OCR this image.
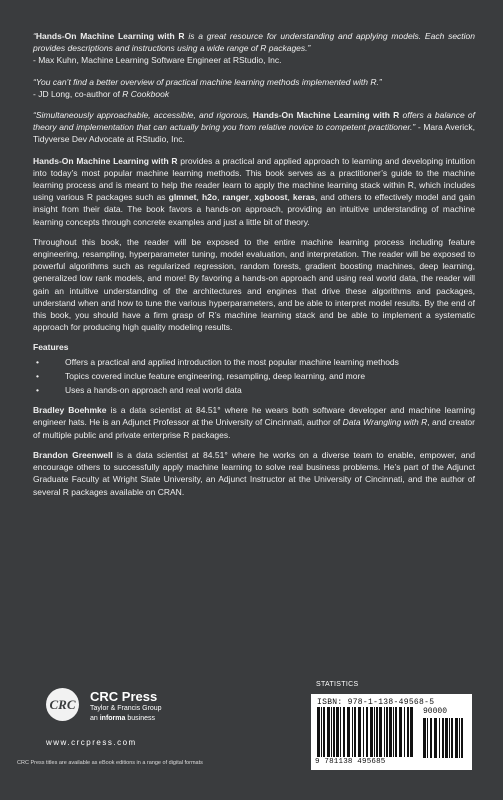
“Hands-On Machine Learning with R is a great resource for understanding and applying models. Each section provides descriptions and instructions using a wide range of R packages.”
- Max Kuhn, Machine Learning Software Engineer at RStudio, Inc.

“You can’t find a better overview of practical machine learning methods implemented with R.”
- JD Long, co-author of R Cookbook

“Simultaneously approachable, accessible, and rigorous, Hands-On Machine Learning with R offers a balance of theory and implementation that can actually bring you from relative novice to competent practitioner.” - Mara Averick, Tidyverse Dev Advocate at RStudio, Inc.

Hands-On Machine Learning with R provides a practical and applied approach to learning and developing intuition into today’s most popular machine learning methods. This book serves as a practitioner’s guide to the machine learning process and is meant to help the reader learn to apply the machine learning stack within R, which includes using various R packages such as glmnet, h2o, ranger, xgboost, keras, and others to effectively model and gain insight from their data. The book favors a hands-on approach, providing an intuitive understanding of machine learning concepts through concrete examples and just a little bit of theory.

Throughout this book, the reader will be exposed to the entire machine learning process including feature engineering, resampling, hyperparameter tuning, model evaluation, and interpretation. The reader will be exposed to powerful algorithms such as regularized regression, random forests, gradient boosting machines, deep learning, generalized low rank models, and more! By favoring a hands-on approach and using real world data, the reader will gain an intuitive understanding of the architectures and engines that drive these algorithms and packages, understand when and how to tune the various hyperparameters, and be able to interpret model results. By the end of this book, you should have a firm grasp of R’s machine learning stack and be able to implement a systematic approach for producing high quality modeling results.

Features
•	Offers a practical and applied introduction to the most popular machine learning methods
•	Topics covered inclue feature engineering, resampling, deep learning, and more
•	Uses a hands-on approach and real world data

Bradley Boehmke is a data scientist at 84.51° where he wears both software developer and machine learning engineer hats. He is an Adjunct Professor at the University of Cincinnati, author of Data Wrangling with R, and creator of multiple public and private enterprise R packages.

Brandon Greenwell is a data scientist at 84.51° where he works on a diverse team to enable, empower, and encourage others to successfully apply machine learning to solve real business problems. He’s part of the Adjunct Graduate Faculty at Wright State University, an Adjunct Instructor at the University of Cincinnati, and the author of several R packages available on CRAN.

CRC
CRC Press
Taylor & Francis Group
an informa business
www.crcpress.com
CRC Press titles are available as eBook editions in a range of digital formats
STATISTICS
ISBN: 978-1-138-49568-5
90000
9 781138 495685
